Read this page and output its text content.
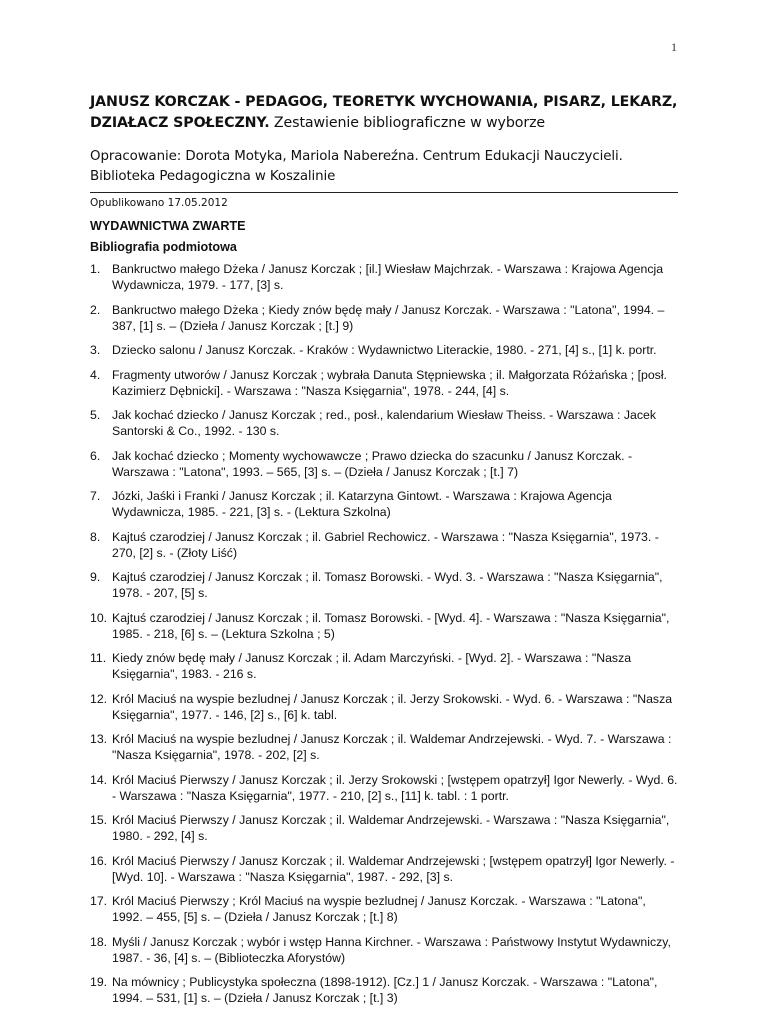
1

JANUSZ KORCZAK - PEDAGOG, TEORETYK WYCHOWANIA, PISARZ, LEKARZ, DZIAŁACZ SPOŁECZNY. Zestawienie bibliograficzne w wyborze

Opracowanie: Dorota Motyka, Mariola Nabereźna. Centrum Edukacji Nauczycieli. Biblioteka Pedagogiczna w Koszalinie

Opublikowano 17.05.2012

WYDAWNICTWA ZWARTE

Bibliografia podmiotowa

1. Bankructwo małego Dżeka / Janusz Korczak ; [il.] Wiesław Majchrzak. - Warszawa : Krajowa Agencja Wydawnicza, 1979. - 177, [3] s.
2. Bankructwo małego Dżeka ; Kiedy znów będę mały / Janusz Korczak. - Warszawa : "Latona", 1994. – 387, [1] s. – (Dzieła / Janusz Korczak ; [t.] 9)
3. Dziecko salonu / Janusz Korczak. - Kraków : Wydawnictwo Literackie, 1980. - 271, [4] s., [1] k. portr.
4. Fragmenty utworów / Janusz Korczak ; wybrała Danuta Stępniewska ; il. Małgorzata Różańska ; [posł. Kazimierz Dębnicki]. - Warszawa : "Nasza Księgarnia", 1978. - 244, [4] s.
5. Jak kochać dziecko / Janusz Korczak ; red., posł., kalendarium Wiesław Theiss. - Warszawa : Jacek Santorski & Co., 1992. - 130 s.
6. Jak kochać dziecko ; Momenty wychowawcze ; Prawo dziecka do szacunku / Janusz Korczak. - Warszawa : "Latona", 1993. – 565, [3] s. – (Dzieła / Janusz Korczak ; [t.] 7)
7. Józki, Jaśki i Franki / Janusz Korczak ; il. Katarzyna Gintowt. - Warszawa : Krajowa Agencja Wydawnicza, 1985. - 221, [3] s. - (Lektura Szkolna)
8. Kajtuś czarodziej / Janusz Korczak ; il. Gabriel Rechowicz. - Warszawa : "Nasza Księgarnia", 1973. - 270, [2] s. - (Złoty Liść)
9. Kajtuś czarodziej / Janusz Korczak ; il. Tomasz Borowski. - Wyd. 3. - Warszawa : "Nasza Księgarnia", 1978. - 207, [5] s.
10. Kajtuś czarodziej / Janusz Korczak ; il. Tomasz Borowski. - [Wyd. 4]. - Warszawa : "Nasza Księgarnia", 1985. - 218, [6] s. – (Lektura Szkolna ; 5)
11. Kiedy znów będę mały / Janusz Korczak ; il. Adam Marczyński. - [Wyd. 2]. - Warszawa : "Nasza Księgarnia", 1983. - 216 s.
12. Król Maciuś na wyspie bezludnej / Janusz Korczak ; il. Jerzy Srokowski. - Wyd. 6. - Warszawa : "Nasza Księgarnia", 1977. - 146, [2] s., [6] k. tabl.
13. Król Maciuś na wyspie bezludnej / Janusz Korczak ; il. Waldemar Andrzejewski. - Wyd. 7. - Warszawa : "Nasza Księgarnia", 1978. - 202, [2] s.
14. Król Maciuś Pierwszy / Janusz Korczak ; il. Jerzy Srokowski ; [wstępem opatrzył] Igor Newerly. - Wyd. 6. - Warszawa : "Nasza Księgarnia", 1977. - 210, [2] s., [11] k. tabl. : 1 portr.
15. Król Maciuś Pierwszy / Janusz Korczak ; il. Waldemar Andrzejewski. - Warszawa : "Nasza Księgarnia", 1980. - 292, [4] s.
16. Król Maciuś Pierwszy / Janusz Korczak ; il. Waldemar Andrzejewski ; [wstępem opatrzył] Igor Newerly. - [Wyd. 10]. - Warszawa : "Nasza Księgarnia", 1987. - 292, [3] s.
17. Król Maciuś Pierwszy ; Król Maciuś na wyspie bezludnej / Janusz Korczak. - Warszawa : "Latona", 1992. – 455, [5] s. – (Dzieła / Janusz Korczak ; [t.] 8)
18. Myśli / Janusz Korczak ; wybór i wstęp Hanna Kirchner. - Warszawa : Państwowy Instytut Wydawniczy, 1987. - 36, [4] s. – (Biblioteczka Aforystów)
19. Na mównicy ; Publicystyka społeczna (1898-1912). [Cz.] 1 / Janusz Korczak. - Warszawa : "Latona", 1994. – 531, [1] s. – (Dzieła / Janusz Korczak ; [t.] 3)
